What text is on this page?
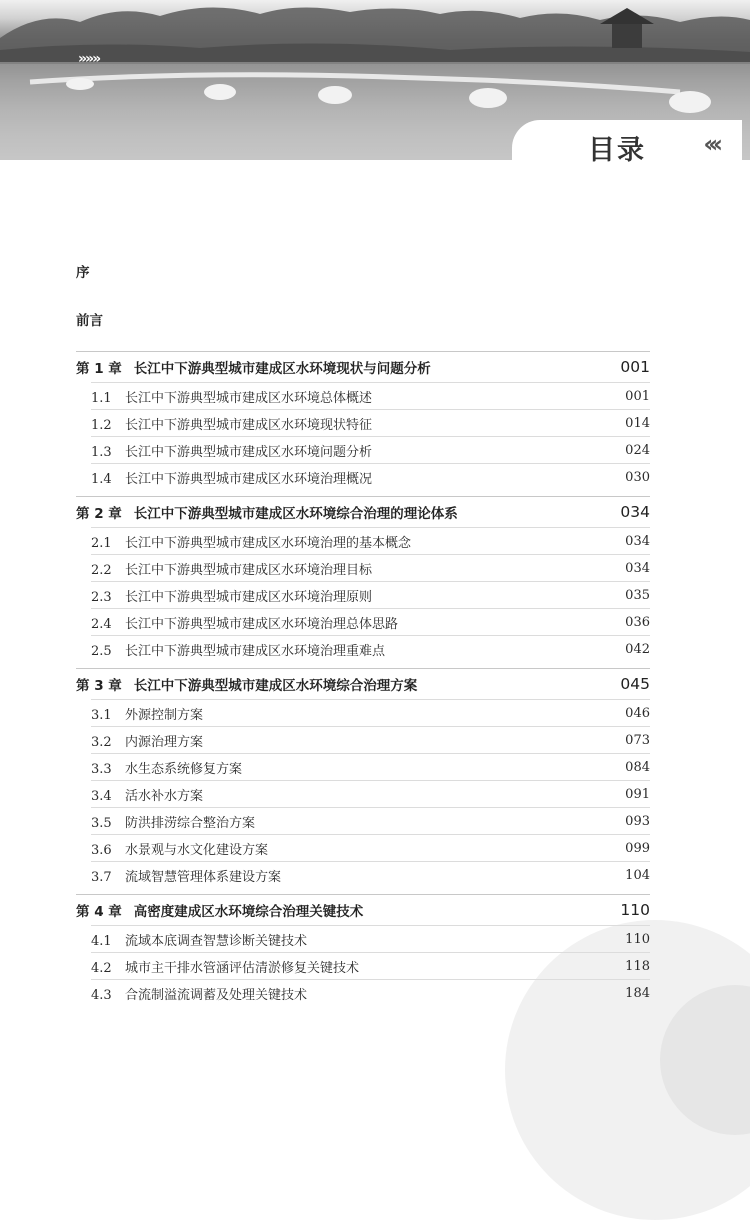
»»»
目录 ‹‹‹
序
前言
第 1 章 长江中下游典型城市建成区水环境现状与问题分析	001
1.1 长江中下游典型城市建成区水环境总体概述	001
1.2 长江中下游典型城市建成区水环境现状特征	014
1.3 长江中下游典型城市建成区水环境问题分析	024
1.4 长江中下游典型城市建成区水环境治理概况	030
第 2 章 长江中下游典型城市建成区水环境综合治理的理论体系	034
2.1 长江中下游典型城市建成区水环境治理的基本概念	034
2.2 长江中下游典型城市建成区水环境治理目标	034
2.3 长江中下游典型城市建成区水环境治理原则	035
2.4 长江中下游典型城市建成区水环境治理总体思路	036
2.5 长江中下游典型城市建成区水环境治理重难点	042
第 3 章 长江中下游典型城市建成区水环境综合治理方案	045
3.1 外源控制方案	046
3.2 内源治理方案	073
3.3 水生态系统修复方案	084
3.4 活水补水方案	091
3.5 防洪排涝综合整治方案	093
3.6 水景观与水文化建设方案	099
3.7 流域智慧管理体系建设方案	104
第 4 章 高密度建成区水环境综合治理关键技术	110
4.1 流域本底调查智慧诊断关键技术	110
4.2 城市主干排水管涵评估清淤修复关键技术	118
4.3 合流制溢流调蓄及处理关键技术	184
